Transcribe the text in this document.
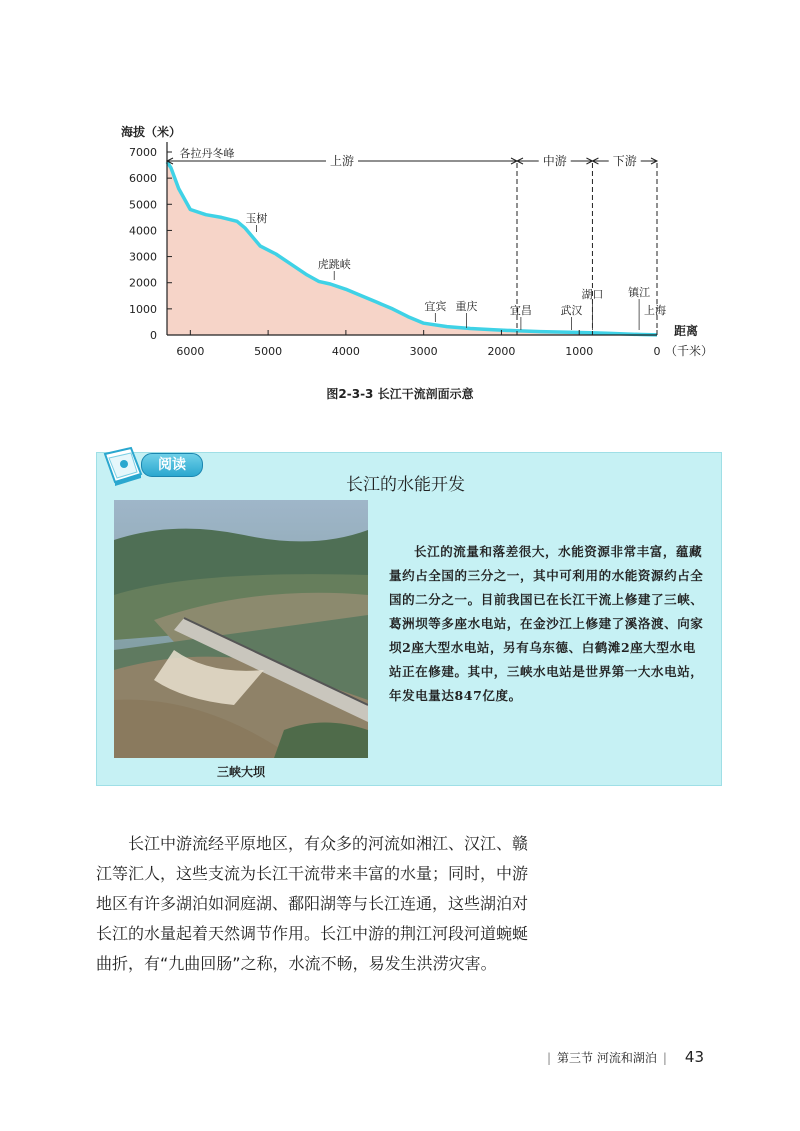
7000
6000
5000
4000
3000
2000
1000
0
6000	5000	4000	3000	2000	1000	0
海拔（米）
距离
（千米）
上游	中游	下游
各拉丹冬峰
玉树
虎跳峡
宜宾 重庆	宜昌	武汉
湖口 镇江
上海
图2-3-3 长江干流剖面示意
阅读
长江的水能开发
三峡大坝

长江的流量和落差很大，水能资源非常丰富，蕴藏量约占全国的三分之一，其中可利用的水能资源约占全国的二分之一。目前我国已在长江干流上修建了三峡、葛洲坝等多座水电站，在金沙江上修建了溪洛渡、向家坝2座大型水电站，另有乌东德、白鹤滩2座大型水电站正在修建。其中，三峡水电站是世界第一大水电站，年发电量达847亿度。

长江中游流经平原地区，有众多的河流如湘江、汉江、赣江等汇人，这些支流为长江干流带来丰富的水量；同时，中游地区有许多湖泊如洞庭湖、鄱阳湖等与长江连通，这些湖泊对长江的水量起着天然调节作用。长江中游的荆江河段河道蜿蜒曲折，有“九曲回肠”之称，水流不畅，易发生洪涝灾害。

| 第三节 河流和湖泊 | 43
